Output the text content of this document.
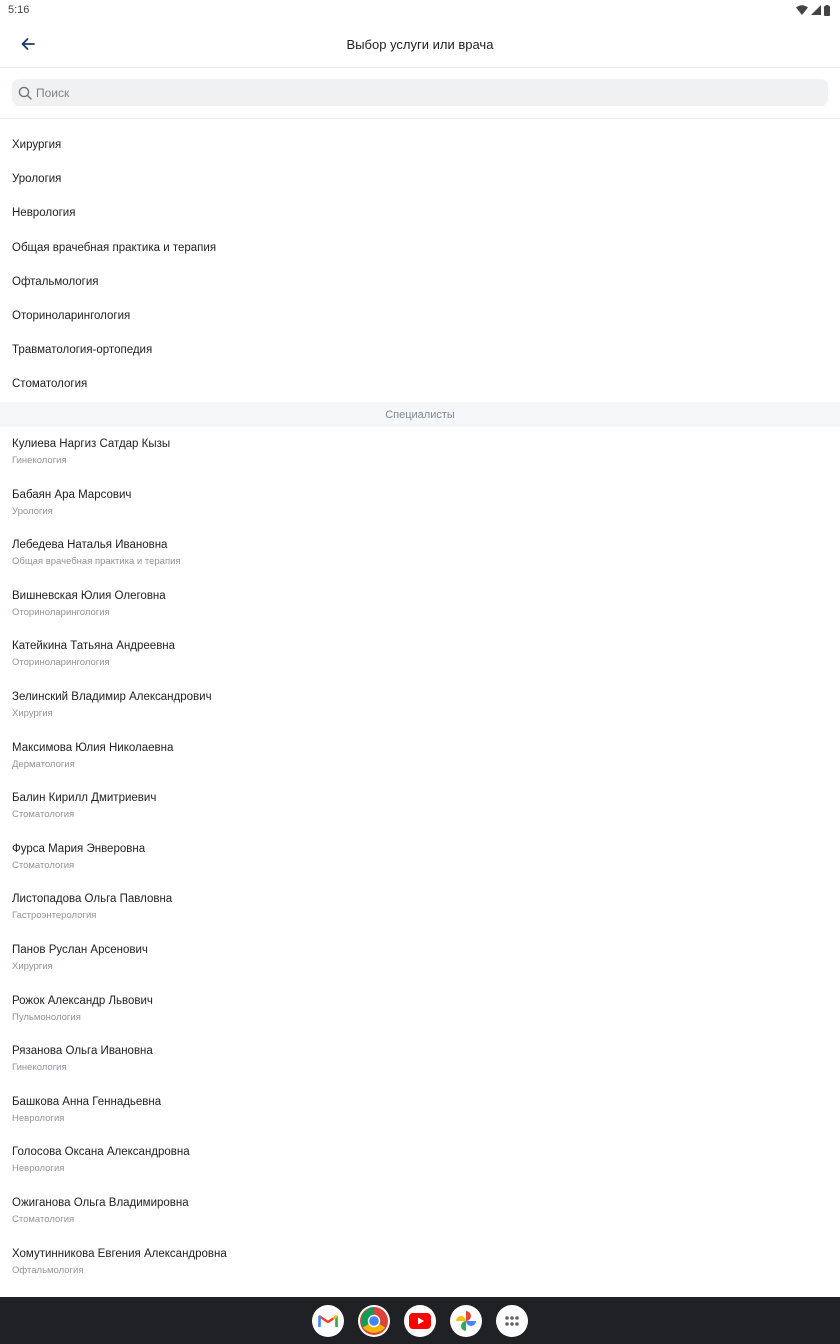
5:16
Выбор услуги или врача
Поиск
Хирургия
Урология
Неврология
Общая врачебная практика и терапия
Офтальмология
Оториноларингология
Травматология-ортопедия
Стоматология
Специалисты
Кулиева Наргиз Сатдар Кызы
Гинекология
Бабаян Ара Марсович
Урология
Лебедева Наталья Ивановна
Общая врачебная практика и терапия
Вишневская Юлия Олеговна
Оториноларингология
Катейкина Татьяна Андреевна
Оториноларингология
Зелинский Владимир Александрович
Хирургия
Максимова Юлия Николаевна
Дерматология
Балин Кирилл Дмитриевич
Стоматология
Фурса Мария Энверовна
Стоматология
Листопадова Ольга Павловна
Гастроэнтерология
Панов Руслан Арсенович
Хирургия
Рожок Александр Львович
Пульмонология
Рязанова Ольга Ивановна
Гинекология
Башкова Анна Геннадьевна
Неврология
Голосова Оксана Александровна
Неврология
Ожиганова Ольга Владимировна
Стоматология
Хомутинникова Евгения Александровна
Офтальмология
